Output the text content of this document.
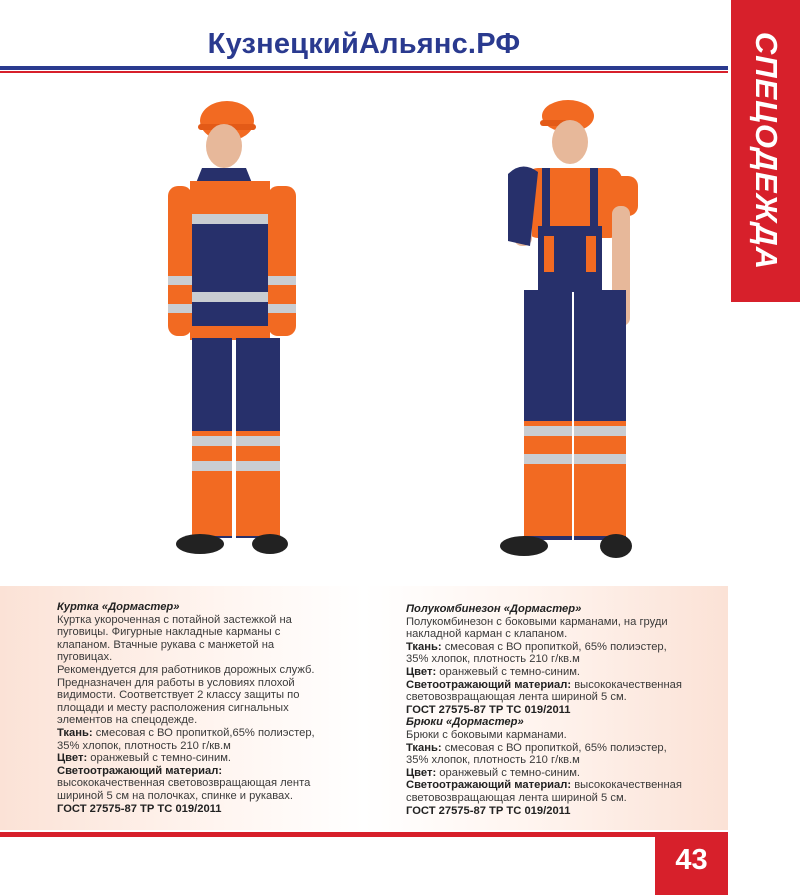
КузнецкийАльянс.РФ	СПЕЦОДЕЖДА
Куртка «Дормастер»
Куртка укороченная с потайной застежкой на
пуговицы. Фигурные накладные карманы с
клапаном. Втачные рукава с манжетой на
пуговицах.
Рекомендуется для работников дорожных служб.
Предназначен для работы в условиях плохой
видимости. Соответствует 2 классу защиты по
площади и месту расположения сигнальных
элементов на спецодежде.
Ткань: смесовая с ВО пропиткой,65% полиэстер,
35% хлопок, плотность 210 г/кв.м
Цвет: оранжевый с темно-синим.
Светоотражающий материал:
высококачественная световозвращающая лента
шириной 5 см на полочках, спинке и рукавах.
ГОСТ 27575-87 ТР ТС 019/2011
Полукомбинезон «Дормастер»
Полукомбинезон с боковыми карманами, на груди
накладной карман с клапаном.
Ткань: смесовая с ВО пропиткой, 65% полиэстер,
35% хлопок, плотность 210 г/кв.м
Цвет: оранжевый с темно-синим.
Светоотражающий материал: высококачественная
световозвращающая лента шириной 5 см.
ГОСТ 27575-87 ТР ТС 019/2011
Брюки «Дормастер»
Брюки с боковыми карманами.
Ткань: смесовая с ВО пропиткой, 65% полиэстер,
35% хлопок, плотность 210 г/кв.м
Цвет: оранжевый с темно-синим.
Светоотражающий материал: высококачественная
световозвращающая лента шириной 5 см.
ГОСТ 27575-87 ТР ТС 019/2011
43
